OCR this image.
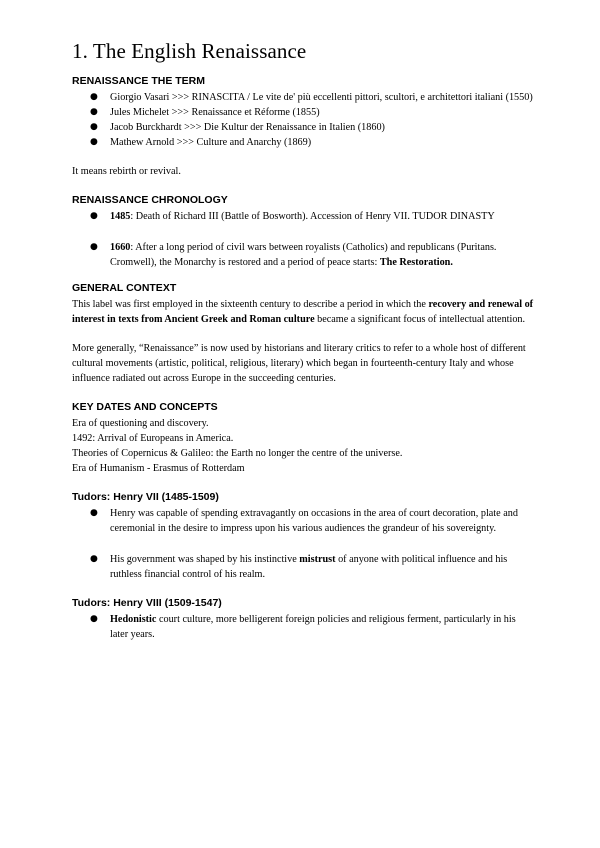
1. The English Renaissance
RENAISSANCE THE TERM
● Giorgio Vasari >>> RINASCITA / Le vite de' più eccellenti pittori, scultori, e architettori italiani (1550)
● Jules Michelet >>> Renaissance et Réforme (1855)
● Jacob Burckhardt >>> Die Kultur der Renaissance in Italien (1860)
● Mathew Arnold >>> Culture and Anarchy (1869)

It means rebirth or revival.

RENAISSANCE CHRONOLOGY
● 1485: Death of Richard III (Battle of Bosworth). Accession of Henry VII. TUDOR DINASTY
● 1660: After a long period of civil wars between royalists (Catholics) and republicans (Puritans. Cromwell), the Monarchy is restored and a period of peace starts: The Restoration.
GENERAL CONTEXT

This label was first employed in the sixteenth century to describe a period in which the recovery and renewal of interest in texts from Ancient Greek and Roman culture became a significant focus of intellectual attention.

More generally, “Renaissance” is now used by historians and literary critics to refer to a whole host of different cultural movements (artistic, political, religious, literary) which began in fourteenth-century Italy and whose influence radiated out across Europe in the succeeding centuries.

KEY DATES AND CONCEPTS

Era of questioning and discovery.

1492: Arrival of Europeans in America.

Theories of Copernicus & Galileo: the Earth no longer the centre of the universe.

Era of Humanism - Erasmus of Rotterdam

Tudors: Henry VII (1485-1509)
● Henry was capable of spending extravagantly on occasions in the area of court decoration, plate and ceremonial in the desire to impress upon his various audiences the grandeur of his sovereignty.
● His government was shaped by his instinctive mistrust of anyone with political influence and his ruthless financial control of his realm.
Tudors: Henry VIII (1509-1547)
● Hedonistic court culture, more belligerent foreign policies and religious ferment, particularly in his later years.
